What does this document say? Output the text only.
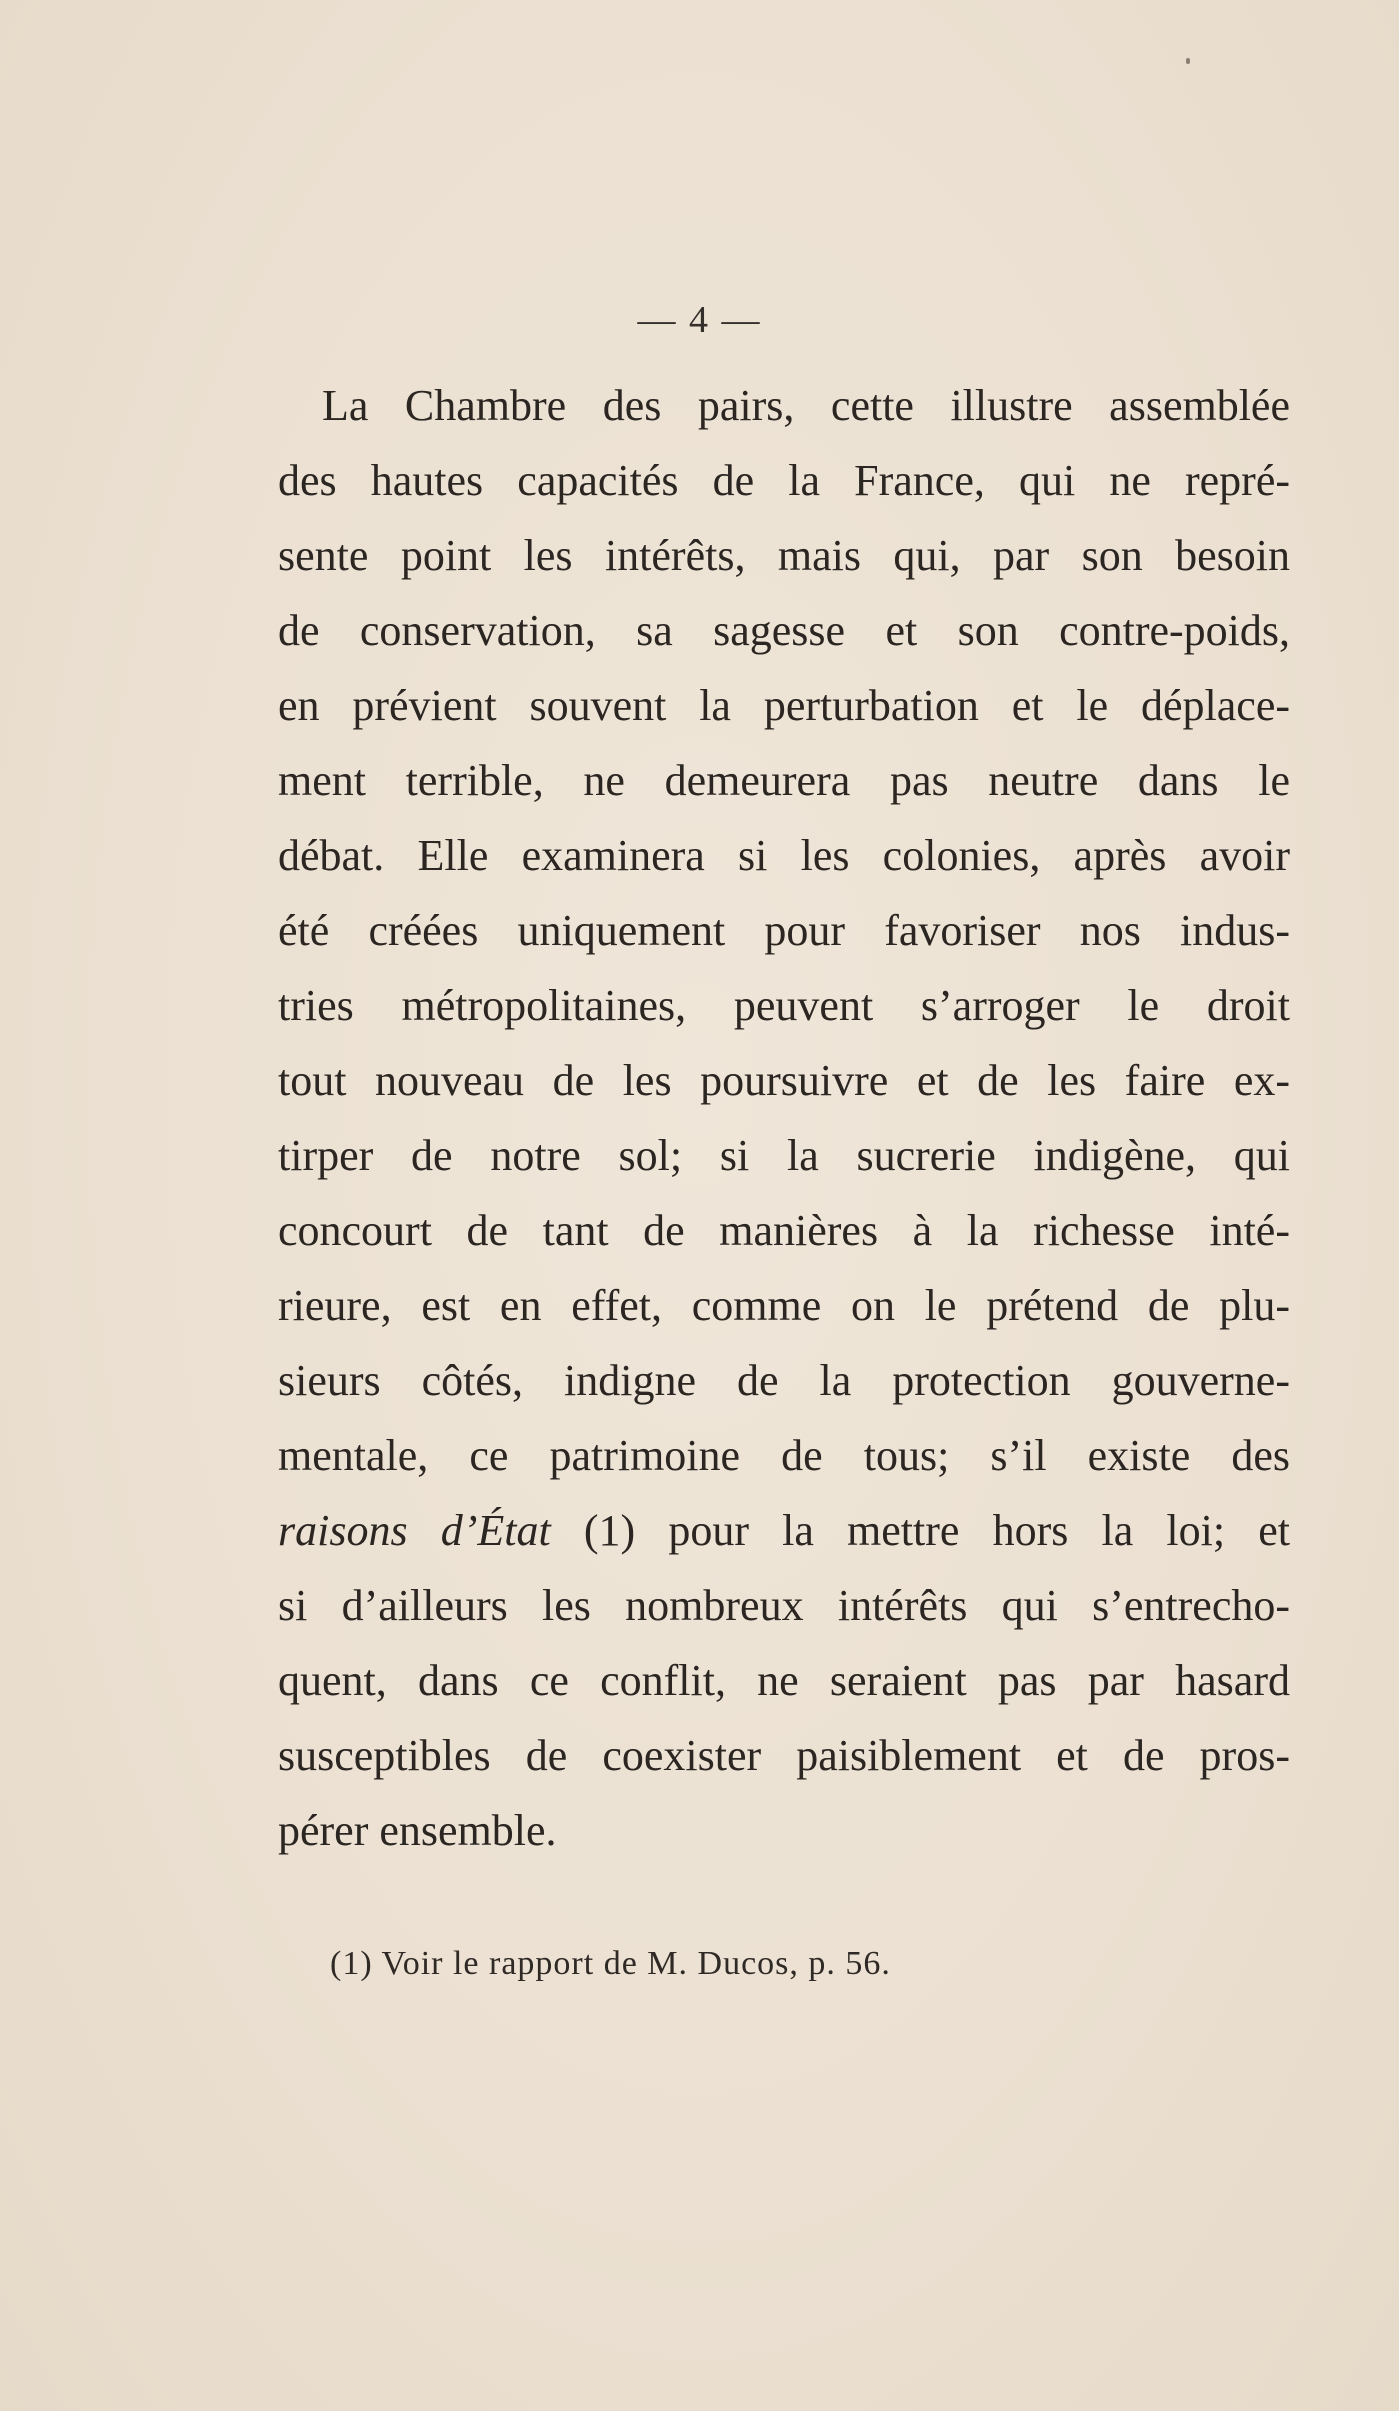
— 4 —
La Chambre des pairs, cette illustre assemblée
des hautes capacités de la France, qui ne repré-
sente point les intérêts, mais qui, par son besoin
de conservation, sa sagesse et son contre-poids,
en prévient souvent la perturbation et le déplace-
ment terrible, ne demeurera pas neutre dans le
débat. Elle examinera si les colonies, après avoir
été créées uniquement pour favoriser nos indus-
tries métropolitaines, peuvent s’arroger le droit
tout nouveau de les poursuivre et de les faire ex-
tirper de notre sol; si la sucrerie indigène, qui
concourt de tant de manières à la richesse inté-
rieure, est en effet, comme on le prétend de plu-
sieurs côtés, indigne de la protection gouverne-
mentale, ce patrimoine de tous; s’il existe des
raisons d’État (1) pour la mettre hors la loi; et
si d’ailleurs les nombreux intérêts qui s’entrecho-
quent, dans ce conflit, ne seraient pas par hasard
susceptibles de coexister paisiblement et de pros-
pérer ensemble.
(1) Voir le rapport de M. Ducos, p. 56.
